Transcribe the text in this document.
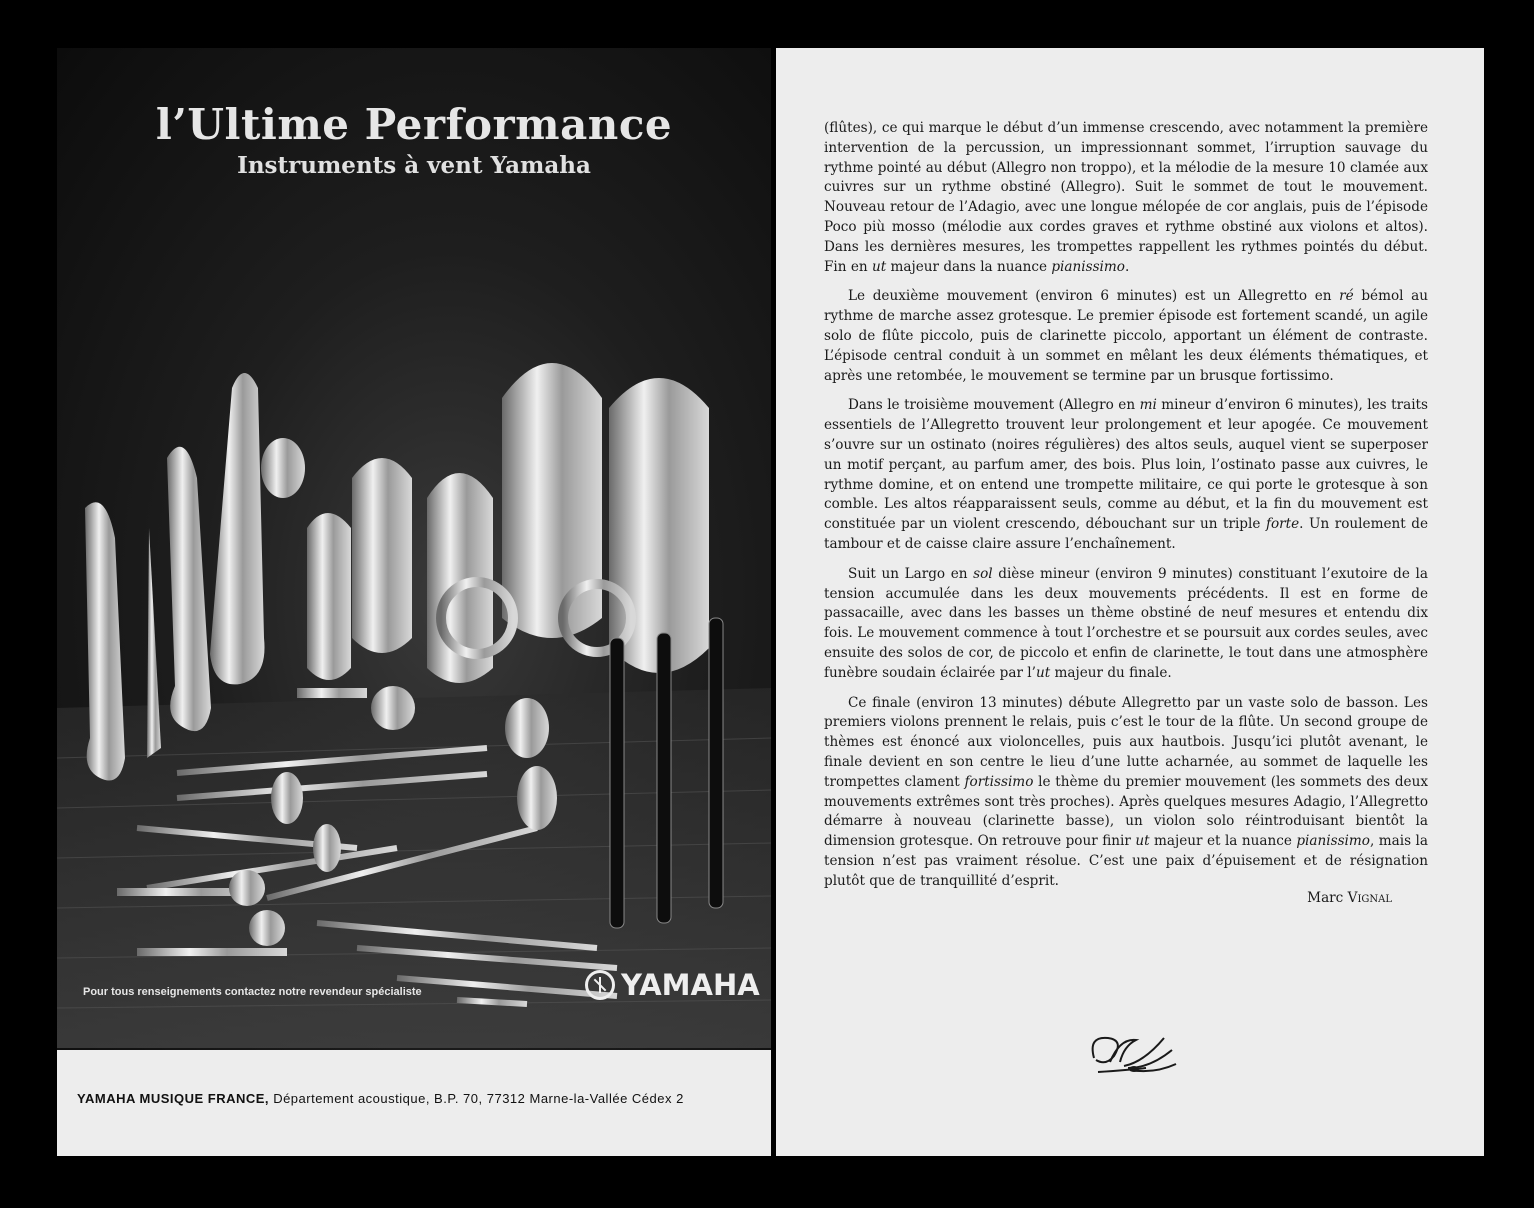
l’Ultime Performance
Instruments à vent Yamaha
Pour tous renseignements contactez notre revendeur spécialiste	YAMAHA
YAMAHA MUSIQUE FRANCE, Département acoustique, B.P. 70, 77312 Marne-la-Vallée Cédex 2

(flûtes), ce qui marque le début d’un immense crescendo, avec notamment la première intervention de la percussion, un impressionnant sommet, l’irruption sauvage du rythme pointé au début (Allegro non troppo), et la mélodie de la mesure 10 clamée aux cuivres sur un rythme obstiné (Allegro). Suit le sommet de tout le mouvement. Nouveau retour de l’Adagio, avec une longue mélopée de cor anglais, puis de l’épisode Poco più mosso (mélodie aux cordes graves et rythme obstiné aux violons et altos). Dans les dernières mesures, les trompettes rappellent les rythmes pointés du début. Fin en ut majeur dans la nuance pianissimo.

Le deuxième mouvement (environ 6 minutes) est un Allegretto en ré bémol au rythme de marche assez grotesque. Le premier épisode est fortement scandé, un agile solo de flûte piccolo, puis de clarinette piccolo, apportant un élément de contraste. L’épisode central conduit à un sommet en mêlant les deux éléments thématiques, et après une retombée, le mouvement se termine par un brusque fortissimo.

Dans le troisième mouvement (Allegro en mi mineur d’environ 6 minutes), les traits essentiels de l’Allegretto trouvent leur prolongement et leur apogée. Ce mouvement s’ouvre sur un ostinato (noires régulières) des altos seuls, auquel vient se superposer un motif perçant, au parfum amer, des bois. Plus loin, l’ostinato passe aux cuivres, le rythme domine, et on entend une trompette militaire, ce qui porte le grotesque à son comble. Les altos réapparaissent seuls, comme au début, et la fin du mouvement est constituée par un violent crescendo, débouchant sur un triple forte. Un roulement de tambour et de caisse claire assure l’enchaînement.

Suit un Largo en sol dièse mineur (environ 9 minutes) constituant l’exutoire de la tension accumulée dans les deux mouvements précédents. Il est en forme de passacaille, avec dans les basses un thème obstiné de neuf mesures et entendu dix fois. Le mouvement commence à tout l’orchestre et se poursuit aux cordes seules, avec ensuite des solos de cor, de piccolo et enfin de clarinette, le tout dans une atmosphère funèbre soudain éclairée par l’ut majeur du finale.

Ce finale (environ 13 minutes) débute Allegretto par un vaste solo de basson. Les premiers violons prennent le relais, puis c’est le tour de la flûte. Un second groupe de thèmes est énoncé aux violoncelles, puis aux hautbois. Jusqu’ici plutôt avenant, le finale devient en son centre le lieu d’une lutte acharnée, au sommet de laquelle les trompettes clament fortissimo le thème du premier mouvement (les sommets des deux mouvements extrêmes sont très proches). Après quelques mesures Adagio, l’Allegretto démarre à nouveau (clarinette basse), un violon solo réintroduisant bientôt la dimension grotesque. On retrouve pour finir ut majeur et la nuance pianissimo, mais la tension n’est pas vraiment résolue. C’est une paix d’épuisement et de résignation plutôt que de tranquillité d’esprit.

Marc Vignal
